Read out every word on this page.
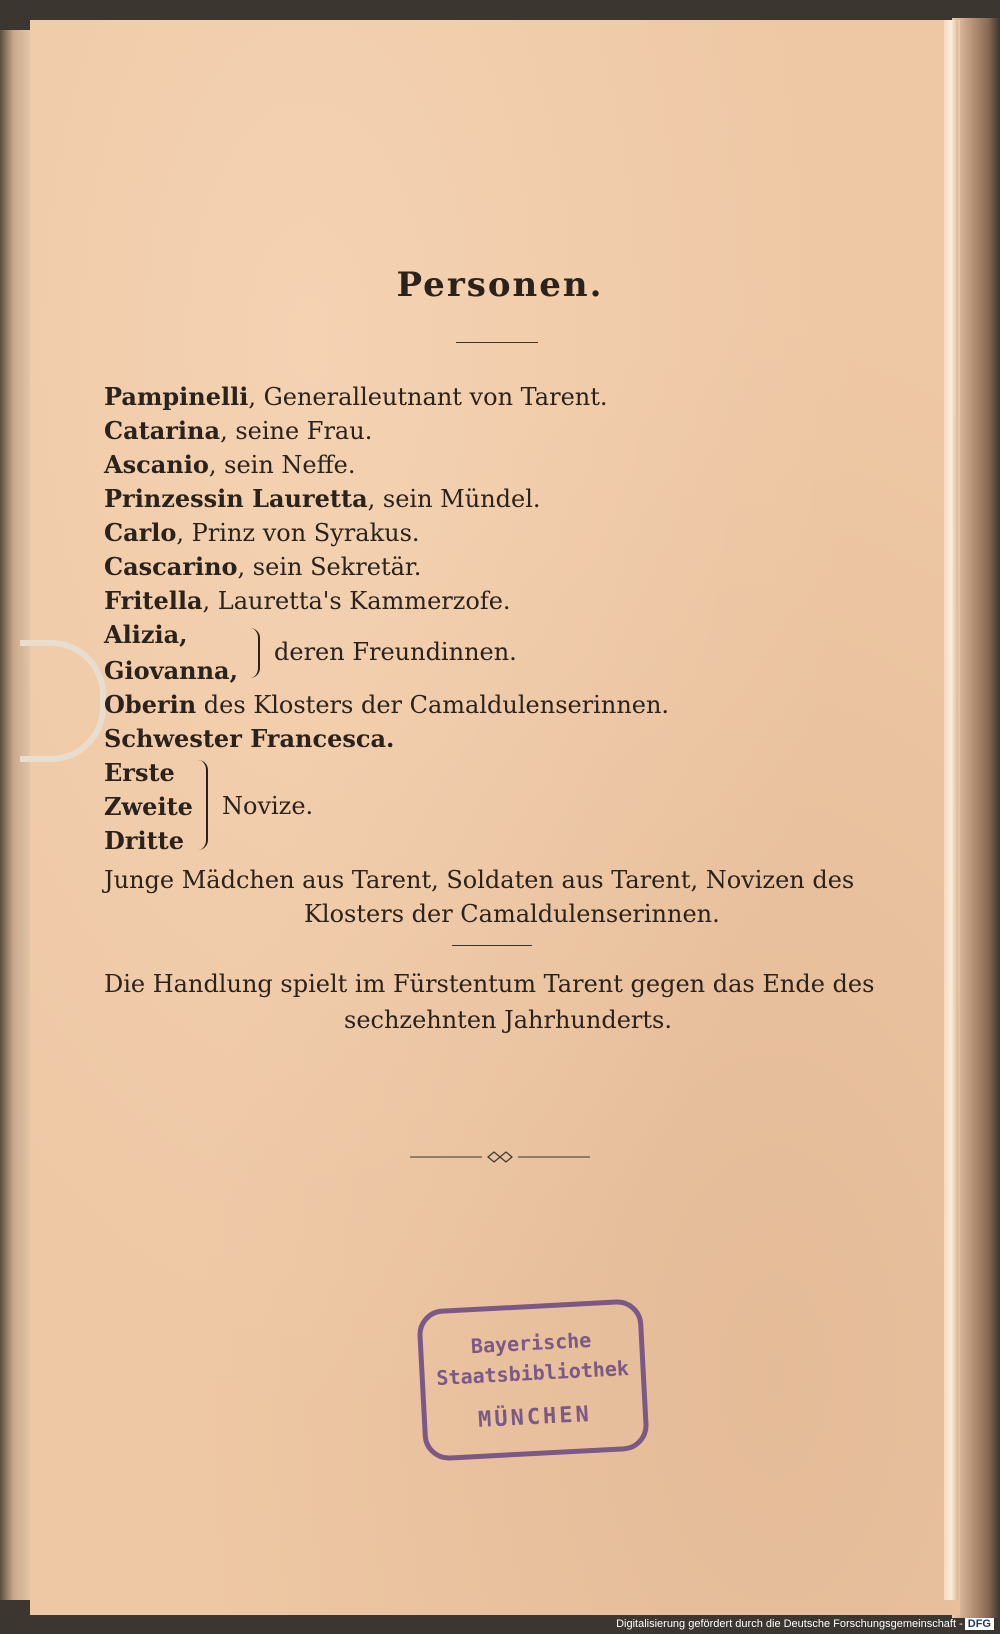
Personen.
Pampinelli, Generalleutnant von Tarent.
Catarina, seine Frau.
Ascanio, sein Neffe.
Prinzessin Lauretta, sein Mündel.
Carlo, Prinz von Syrakus.
Cascarino, sein Sekretär.
Fritella, Lauretta's Kammerzofe.
Alizia,
Giovanna,
deren Freundinnen.
Oberin des Klosters der Camaldulenserinnen.
Schwester Francesca.
Erste
Zweite
Dritte
Novize.
Junge Mädchen aus Tarent, Soldaten aus Tarent, Novizen des
Klosters der Camaldulenserinnen.
Die Handlung spielt im Fürstentum Tarent gegen das Ende des
sechzehnten Jahrhunderts.
Bayerische
Staatsbibliothek
MÜNCHEN
Digitalisierung gefördert durch die Deutsche Forschungsgemeinschaft - DFG
